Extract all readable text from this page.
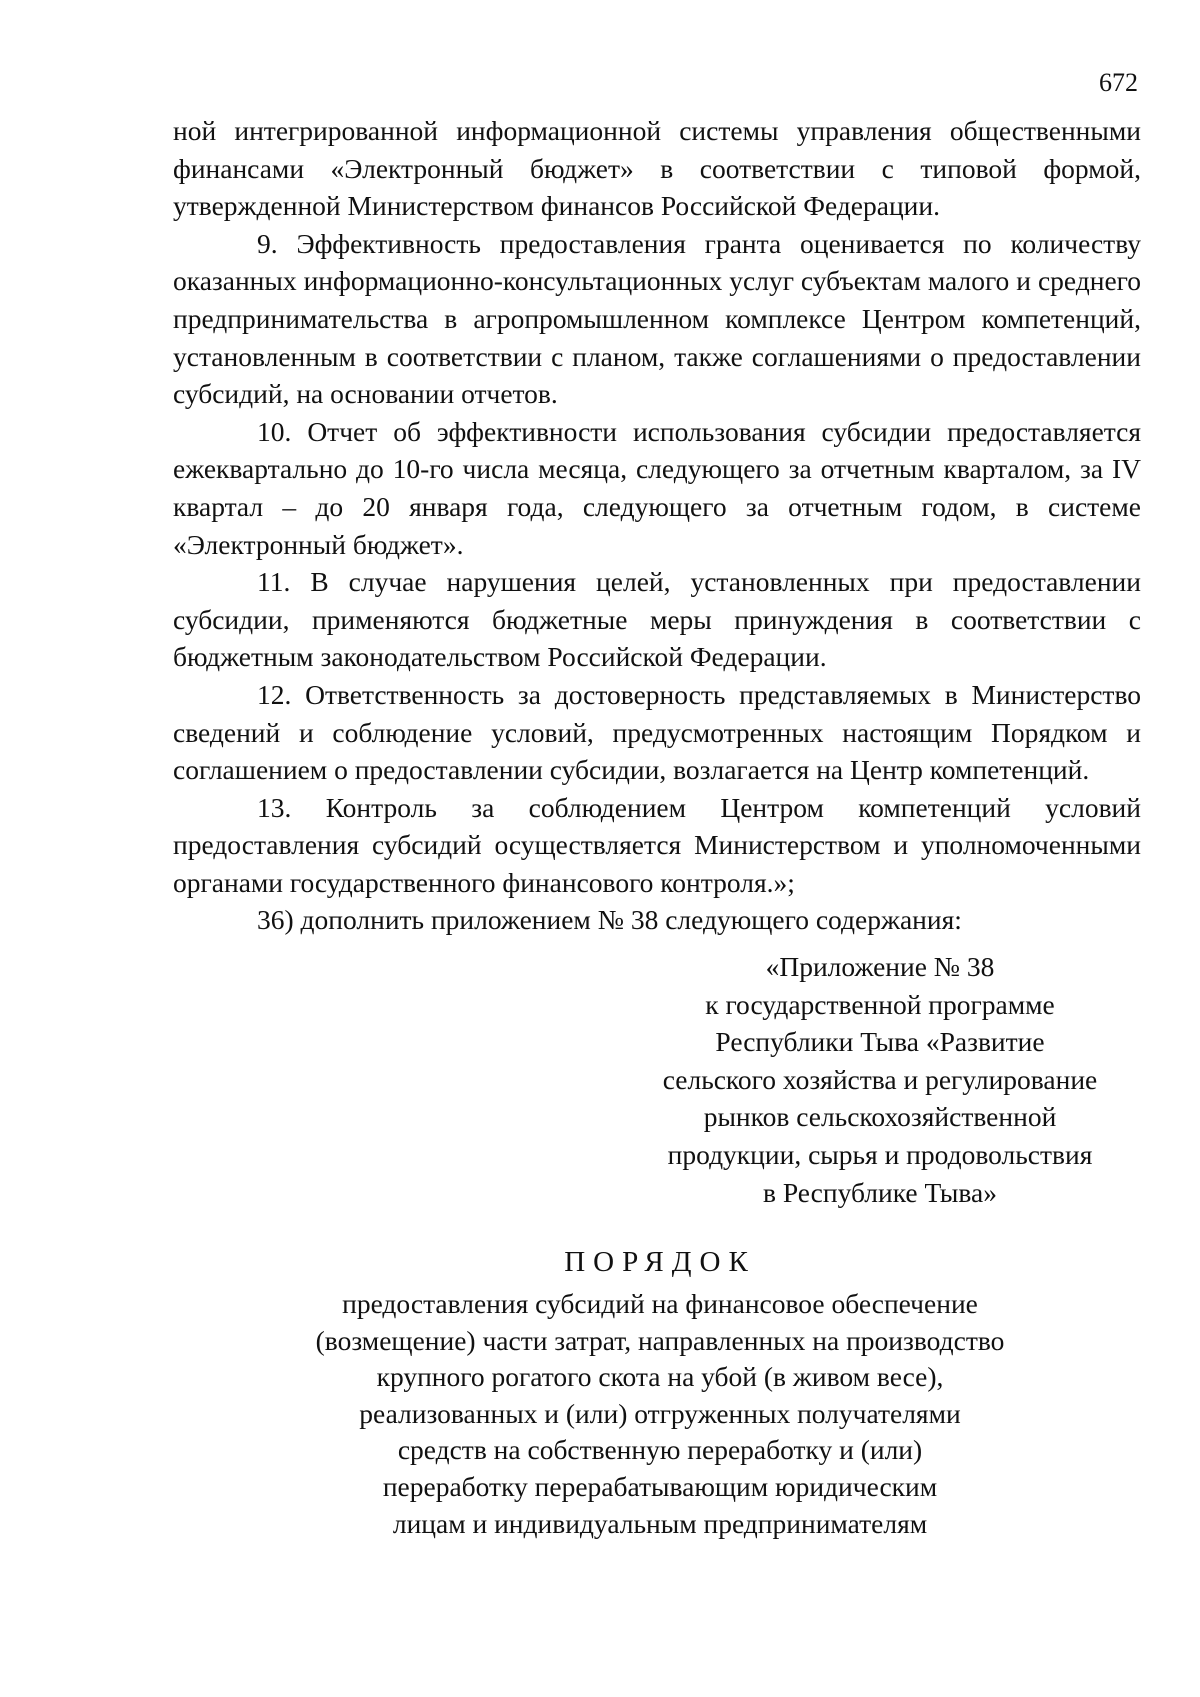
672

ной интегрированной информационной системы управления общественными финансами «Электронный бюджет» в соответствии с типовой формой, утвержденной Министерством финансов Российской Федерации.

9. Эффективность предоставления гранта оценивается по количеству оказанных информационно-консультационных услуг субъектам малого и среднего предпринимательства в агропромышленном комплексе Центром компетенций, установленным в соответствии с планом, также соглашениями о предоставлении субсидий, на основании отчетов.

10. Отчет об эффективности использования субсидии предоставляется ежеквартально до 10-го числа месяца, следующего за отчетным кварталом, за IV квартал – до 20 января года, следующего за отчетным годом, в системе «Электронный бюджет».

11. В случае нарушения целей, установленных при предоставлении субсидии, применяются бюджетные меры принуждения в соответствии с бюджетным законодательством Российской Федерации.

12. Ответственность за достоверность представляемых в Министерство сведений и соблюдение условий, предусмотренных настоящим Порядком и соглашением о предоставлении субсидии, возлагается на Центр компетенций.

13. Контроль за соблюдением Центром компетенций условий предоставления субсидий осуществляется Министерством и уполномоченными органами государственного финансового контроля.»;

36) дополнить приложением № 38 следующего содержания:

«Приложение № 38
к государственной программе
Республики Тыва «Развитие
сельского хозяйства и регулирование
рынков сельскохозяйственной
продукции, сырья и продовольствия
в Республике Тыва»
ПОРЯДОК
предоставления субсидий на финансовое обеспечение
(возмещение) части затрат, направленных на производство
крупного рогатого скота на убой (в живом весе),
реализованных и (или) отгруженных получателями
средств на собственную переработку и (или)
переработку перерабатывающим юридическим
лицам и индивидуальным предпринимателям
